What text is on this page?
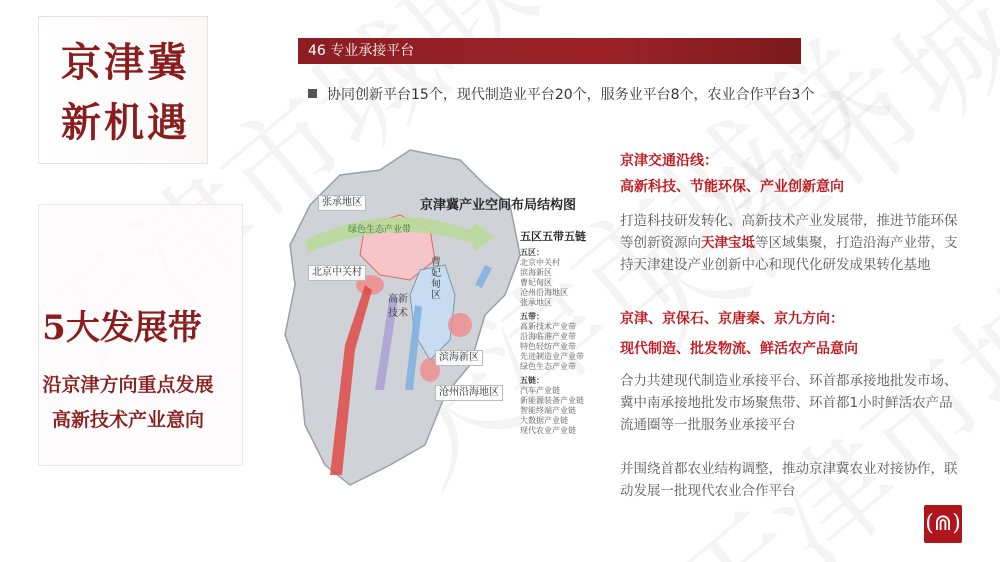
京津冀
新机遇
5大发展带
沿京津方向重点发展
高新技术产业意向
46 专业承接平台
协同创新平台15个，现代制造业平台20个，服务业平台8个，农业合作平台3个
张承地区
绿色生态产业带
北京中关村
高新技术
曹妃甸区
滨海新区
沧州沿海地区
京津冀产业空间布局结构图
五区五带五链
五区：
北京中关村
滨海新区
曹妃甸区
沧州沿海地区
张承地区
五带：
高新技术产业带
沿海临港产业带
特色轻纺产业带
先进制造业产业带
绿色生态产业带
五链：
汽车产业链
新能源装备产业链
智能终端产业链
大数据产业链
现代农业产业链
京津交通沿线：
高新科技、节能环保、产业创新意向
打造科技研发转化、高新技术产业发展带，推进节能环保等创新资源向天津宝坻等区域集聚，打造沿海产业带，支持天津建设产业创新中心和现代化研发成果转化基地
京津、京保石、京唐秦、京九方向：
现代制造、批发物流、鲜活农产品意向
合力共建现代制造业承接平台、环首都承接地批发市场、冀中南承接地批发市场聚焦带、环首都1小时鲜活农产品流通圈等一批服务业承接平台
并围绕首都农业结构调整，推动京津冀农业对接协作，联动发展一批现代农业合作平台
(⋒)
